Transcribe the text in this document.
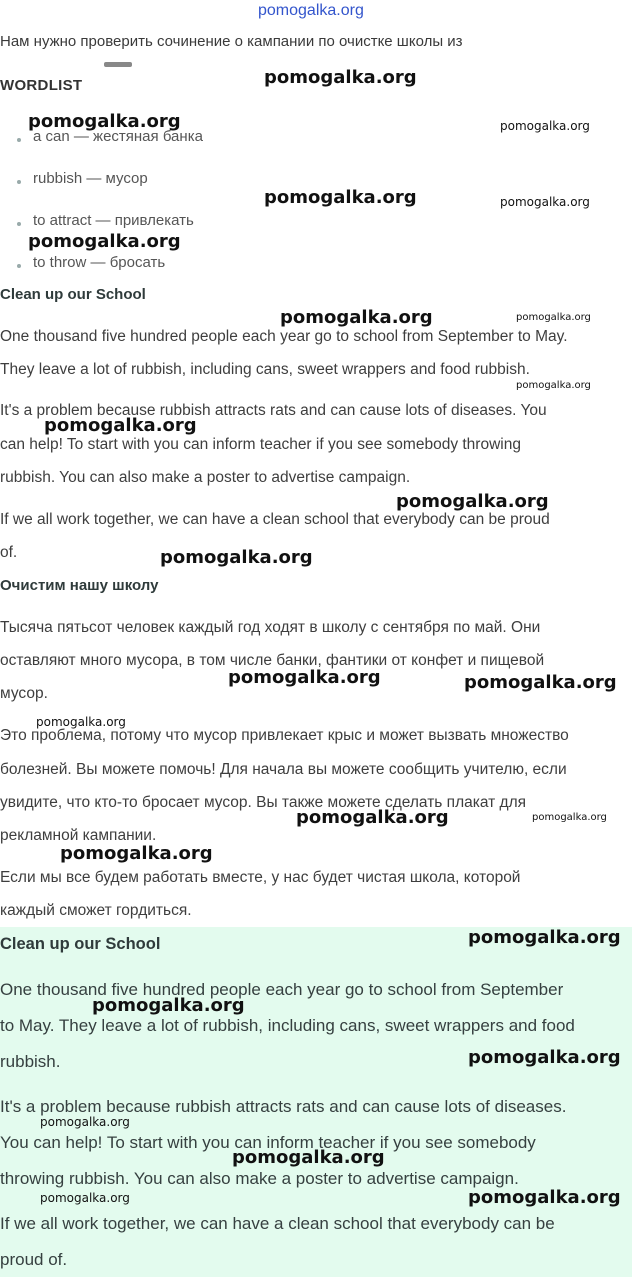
pomogalka.org
Нам нужно проверить сочинение о кампании по очистке школы из
WORDLIST
a can — жестяная банка
rubbish — мусор
to attract — привлекать
to throw — бросать
Clean up our School
One thousand five hundred people each year go to school from September to May.
They leave a lot of rubbish, including cans, sweet wrappers and food rubbish.
It's a problem because rubbish attracts rats and can cause lots of diseases. You
can help! To start with you can inform teacher if you see somebody throwing
rubbish. You can also make a poster to advertise campaign.
If we all work together, we can have a clean school that everybody can be proud
of.
Очистим нашу школу
Тысяча пятьсот человек каждый год ходят в школу с сентября по май. Они
оставляют много мусора, в том числе банки, фантики от конфет и пищевой
мусор.
Это проблема, потому что мусор привлекает крыс и может вызвать множество
болезней. Вы можете помочь! Для начала вы можете сообщить учителю, если
увидите, что кто-то бросает мусор. Вы также можете сделать плакат для
рекламной кампании.
Если мы все будем работать вместе, у нас будет чистая школа, которой
каждый сможет гордиться.
Clean up our School
One thousand five hundred people each year go to school from September
to May. They leave a lot of rubbish, including cans, sweet wrappers and food
rubbish.
It's a problem because rubbish attracts rats and can cause lots of diseases.
You can help! To start with you can inform teacher if you see somebody
throwing rubbish. You can also make a poster to advertise campaign.
If we all work together, we can have a clean school that everybody can be
proud of.
pomogalka.org
pomogalka.org	pomogalka.org
pomogalka.org	pomogalka.org
pomogalka.org
pomogalka.org	pomogalka.org
pomogalka.org
pomogalka.org
pomogalka.org
pomogalka.org
pomogalka.org	pomogalka.org
pomogalka.org
pomogalka.org	pomogalka.org
pomogalka.org
pomogalka.org
pomogalka.org
pomogalka.org
pomogalka.org
pomogalka.org
pomogalka.org	pomogalka.org
